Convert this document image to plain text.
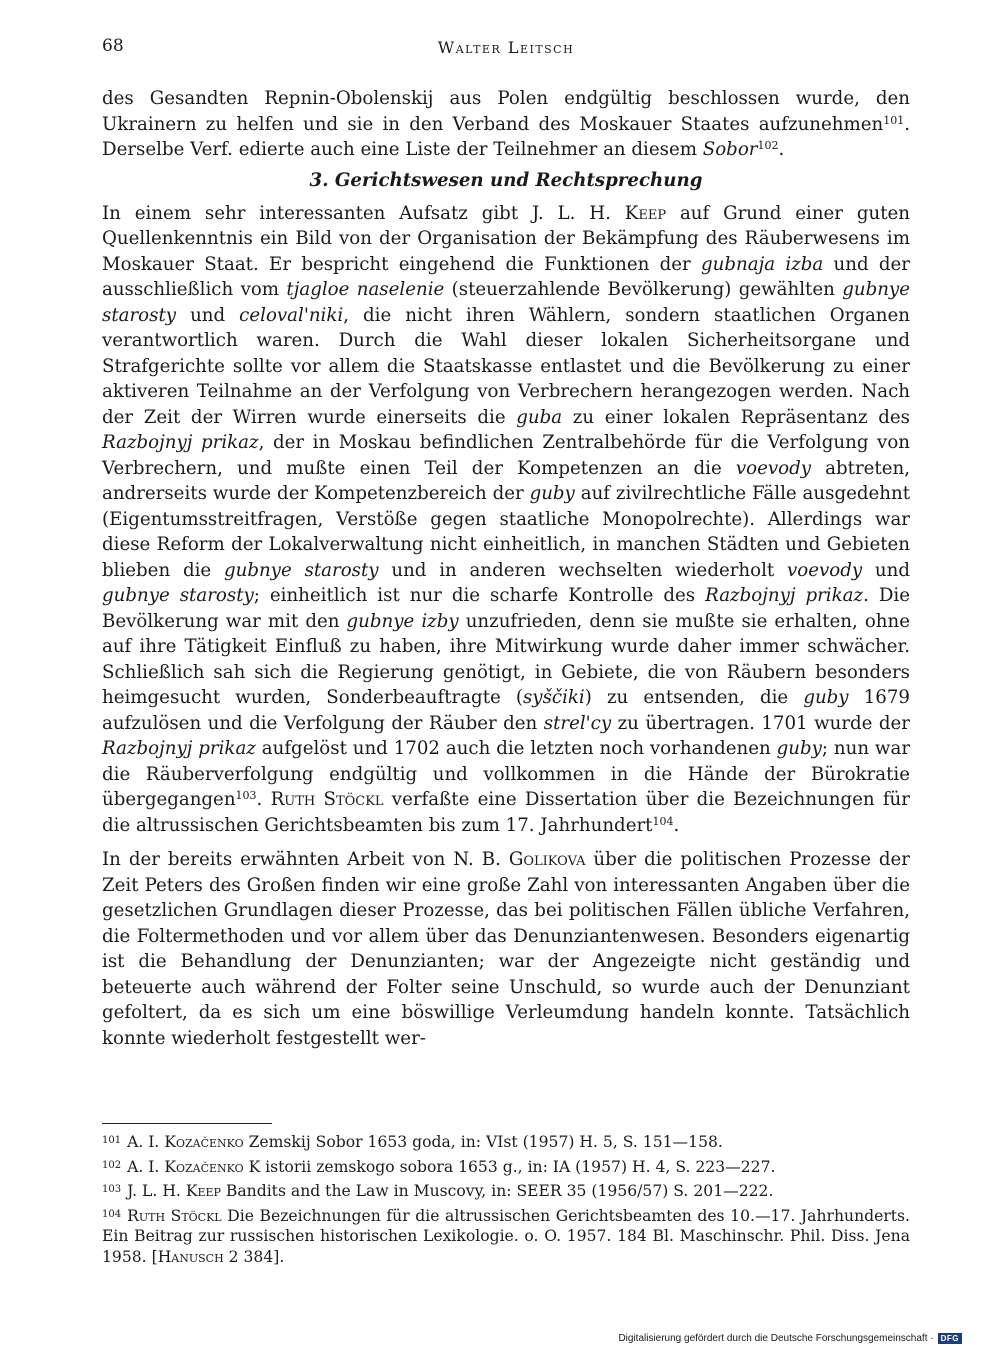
68	Walter Leitsch

des Gesandten Repnin-Obolenskij aus Polen endgültig beschlossen wurde, den Ukrainern zu helfen und sie in den Verband des Moskauer Staates aufzunehmen$^{101}$. Derselbe Verf. edierte auch eine Liste der Teilnehmer an diesem Sobor$^{102}$.

3. Gerichtswesen und Rechtsprechung

In einem sehr interessanten Aufsatz gibt J. L. H. Keep auf Grund einer guten Quellenkenntnis ein Bild von der Organisation der Bekämpfung des Räuberwesens im Moskauer Staat. Er bespricht eingehend die Funktionen der gubnaja izba und der ausschließlich vom tjagloe naselenie (steuerzahlende Bevölkerung) gewählten gubnye starosty und celoval'niki, die nicht ihren Wählern, sondern staatlichen Organen verantwortlich waren. Durch die Wahl dieser lokalen Sicherheitsorgane und Strafgerichte sollte vor allem die Staatskasse entlastet und die Bevölkerung zu einer aktiveren Teilnahme an der Verfolgung von Verbrechern herangezogen werden. Nach der Zeit der Wirren wurde einerseits die guba zu einer lokalen Repräsentanz des Razbojnyj prikaz, der in Moskau befindlichen Zentralbehörde für die Verfolgung von Verbrechern, und mußte einen Teil der Kompetenzen an die voevody abtreten, andrerseits wurde der Kompetenzbereich der guby auf zivilrechtliche Fälle ausgedehnt (Eigentumsstreitfragen, Verstöße gegen staatliche Monopolrechte). Allerdings war diese Reform der Lokalverwaltung nicht einheitlich, in manchen Städten und Gebieten blieben die gubnye starosty und in anderen wechselten wiederholt voevody und gubnye starosty; einheitlich ist nur die scharfe Kontrolle des Razbojnyj prikaz. Die Bevölkerung war mit den gubnye izby unzufrieden, denn sie mußte sie erhalten, ohne auf ihre Tätigkeit Einfluß zu haben, ihre Mitwirkung wurde daher immer schwächer. Schließlich sah sich die Regierung genötigt, in Gebiete, die von Räubern besonders heimgesucht wurden, Sonderbeauftragte (syščiki) zu entsenden, die guby 1679 aufzulösen und die Verfolgung der Räuber den strel'cy zu übertragen. 1701 wurde der Razbojnyj prikaz aufgelöst und 1702 auch die letzten noch vorhandenen guby; nun war die Räuberverfolgung endgültig und vollkommen in die Hände der Bürokratie übergegangen$^{103}$. Ruth Stöckl verfaßte eine Dissertation über die Bezeichnungen für die altrussischen Gerichtsbeamten bis zum 17. Jahrhundert$^{104}$.

In der bereits erwähnten Arbeit von N. B. Golikova über die politischen Prozesse der Zeit Peters des Großen finden wir eine große Zahl von interessanten Angaben über die gesetzlichen Grundlagen dieser Prozesse, das bei politischen Fällen übliche Verfahren, die Foltermethoden und vor allem über das Denunziantenwesen. Besonders eigenartig ist die Behandlung der Denunzianten; war der Angezeigte nicht geständig und beteuerte auch während der Folter seine Unschuld, so wurde auch der Denunziant gefoltert, da es sich um eine böswillige Verleumdung handeln konnte. Tatsächlich konnte wiederholt festgestellt wer-

$^{101}$ A. I. Kozačenko Zemskij Sobor 1653 goda, in: VIst (1957) H. 5, S. 151—158.

$^{102}$ A. I. Kozačenko K istorii zemskogo sobora 1653 g., in: IA (1957) H. 4, S. 223—227.

$^{103}$ J. L. H. Keep Bandits and the Law in Muscovy, in: SEER 35 (1956/57) S. 201—222.

$^{104}$ Ruth Stöckl Die Bezeichnungen für die altrussischen Gerichtsbeamten des 10.—17. Jahrhunderts. Ein Beitrag zur russischen historischen Lexikologie. o. O. 1957. 184 Bl. Maschinschr. Phil. Diss. Jena 1958. [Hanusch 2 384].

Digitalisierung gefördert durch die Deutsche Forschungsgemeinschaft · DFG
